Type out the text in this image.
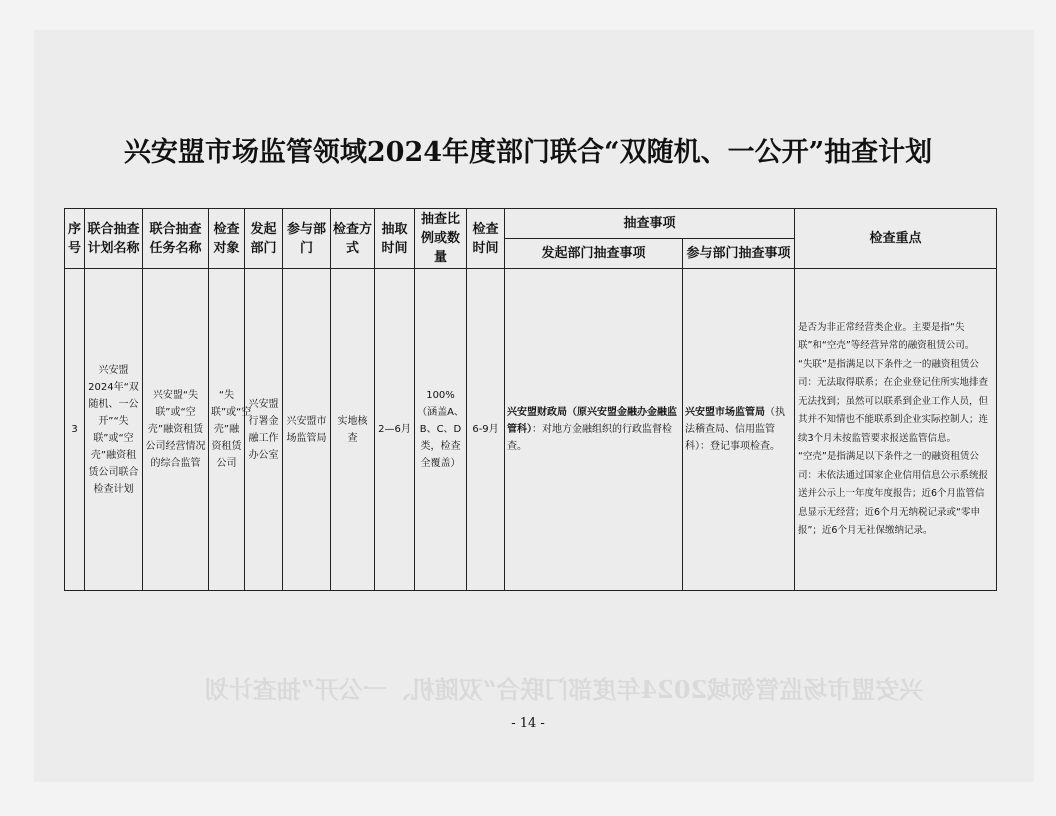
兴安盟市场监管领域2024年度部门联合“双随机、一公开”抽查计划
兴安盟市场监管领域2024年度部门联合“双随机、一公开”抽查计划
序号	联合抽查计划名称	联合抽查任务名称	检查对象	发起部门	参与部门	检查方式	抽取时间	抽查比例或数量	检查时间	抽查事项		检查重点
										发起部门抽查事项	参与部门抽查事项	
3	兴安盟2024年“双随机、一公开”“失联”或“空壳”融资租赁公司联合检查计划	兴安盟“失联”或“空壳”融资租赁公司经营情况的综合监管	“失联”或“空壳”融资租赁公司	兴安盟行署金融工作办公室	兴安盟市场监管局	实地核查	2—6月	100%（涵盖A、B、C、D类，检查全覆盖）	6-9月	兴安盟财政局（原兴安盟金融办金融监管科）：对地方金融组织的行政监督检查。	兴安盟市场监管局（执法稽查局、信用监管科）：登记事项检查。	是否为非正常经营类企业。主要是指“失联”和“空壳”等经营异常的融资租赁公司。
“失联”是指满足以下条件之一的融资租赁公司：无法取得联系；在企业登记住所实地排查无法找到；虽然可以联系到企业工作人员，但其并不知情也不能联系到企业实际控制人；连续3个月未按监管要求报送监管信息。
“空壳”是指满足以下条件之一的融资租赁公司：未依法通过国家企业信用信息公示系统报送并公示上一年度年度报告；近6个月监管信息显示无经营；近6个月无纳税记录或“零申报”；近6个月无社保缴纳记录。
- 14 -
